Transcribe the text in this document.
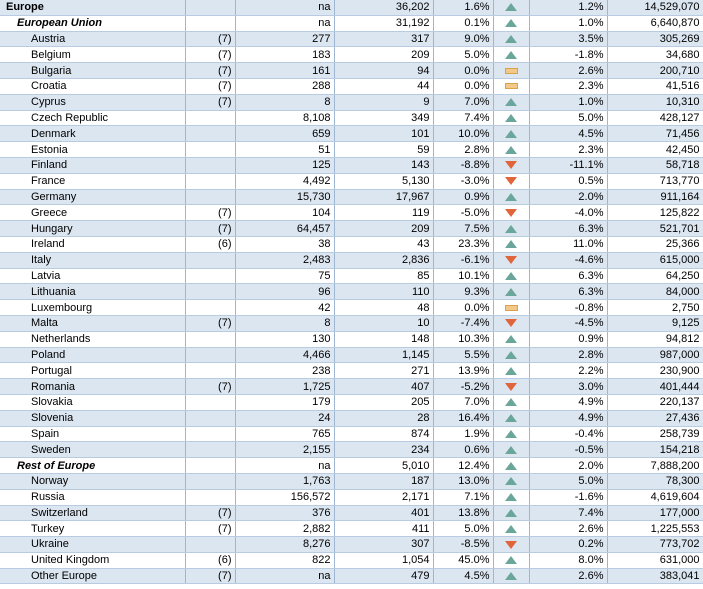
Europe		na	36,202	1.6%		1.2%	14,529,070
European Union		na	31,192	0.1%		1.0%	6,640,870
Austria	(7)	277	317	9.0%		3.5%	305,269
Belgium	(7)	183	209	5.0%		-1.8%	34,680
Bulgaria	(7)	161	94	0.0%		2.6%	200,710
Croatia	(7)	288	44	0.0%		2.3%	41,516
Cyprus	(7)	8	9	7.0%		1.0%	10,310
Czech Republic		8,108	349	7.4%		5.0%	428,127
Denmark		659	101	10.0%		4.5%	71,456
Estonia		51	59	2.8%		2.3%	42,450
Finland		125	143	-8.8%		-11.1%	58,718
France		4,492	5,130	-3.0%		0.5%	713,770
Germany		15,730	17,967	0.9%		2.0%	911,164
Greece	(7)	104	119	-5.0%		-4.0%	125,822
Hungary	(7)	64,457	209	7.5%		6.3%	521,701
Ireland	(6)	38	43	23.3%		11.0%	25,366
Italy		2,483	2,836	-6.1%		-4.6%	615,000
Latvia		75	85	10.1%		6.3%	64,250
Lithuania		96	110	9.3%		6.3%	84,000
Luxembourg		42	48	0.0%		-0.8%	2,750
Malta	(7)	8	10	-7.4%		-4.5%	9,125
Netherlands		130	148	10.3%		0.9%	94,812
Poland		4,466	1,145	5.5%		2.8%	987,000
Portugal		238	271	13.9%		2.2%	230,900
Romania	(7)	1,725	407	-5.2%		3.0%	401,444
Slovakia		179	205	7.0%		4.9%	220,137
Slovenia		24	28	16.4%		4.9%	27,436
Spain		765	874	1.9%		-0.4%	258,739
Sweden		2,155	234	0.6%		-0.5%	154,218
Rest of Europe		na	5,010	12.4%		2.0%	7,888,200
Norway		1,763	187	13.0%		5.0%	78,300
Russia		156,572	2,171	7.1%		-1.6%	4,619,604
Switzerland	(7)	376	401	13.8%		7.4%	177,000
Turkey	(7)	2,882	411	5.0%		2.6%	1,225,553
Ukraine		8,276	307	-8.5%		0.2%	773,702
United Kingdom	(6)	822	1,054	45.0%		8.0%	631,000
Other Europe	(7)	na	479	4.5%		2.6%	383,041
